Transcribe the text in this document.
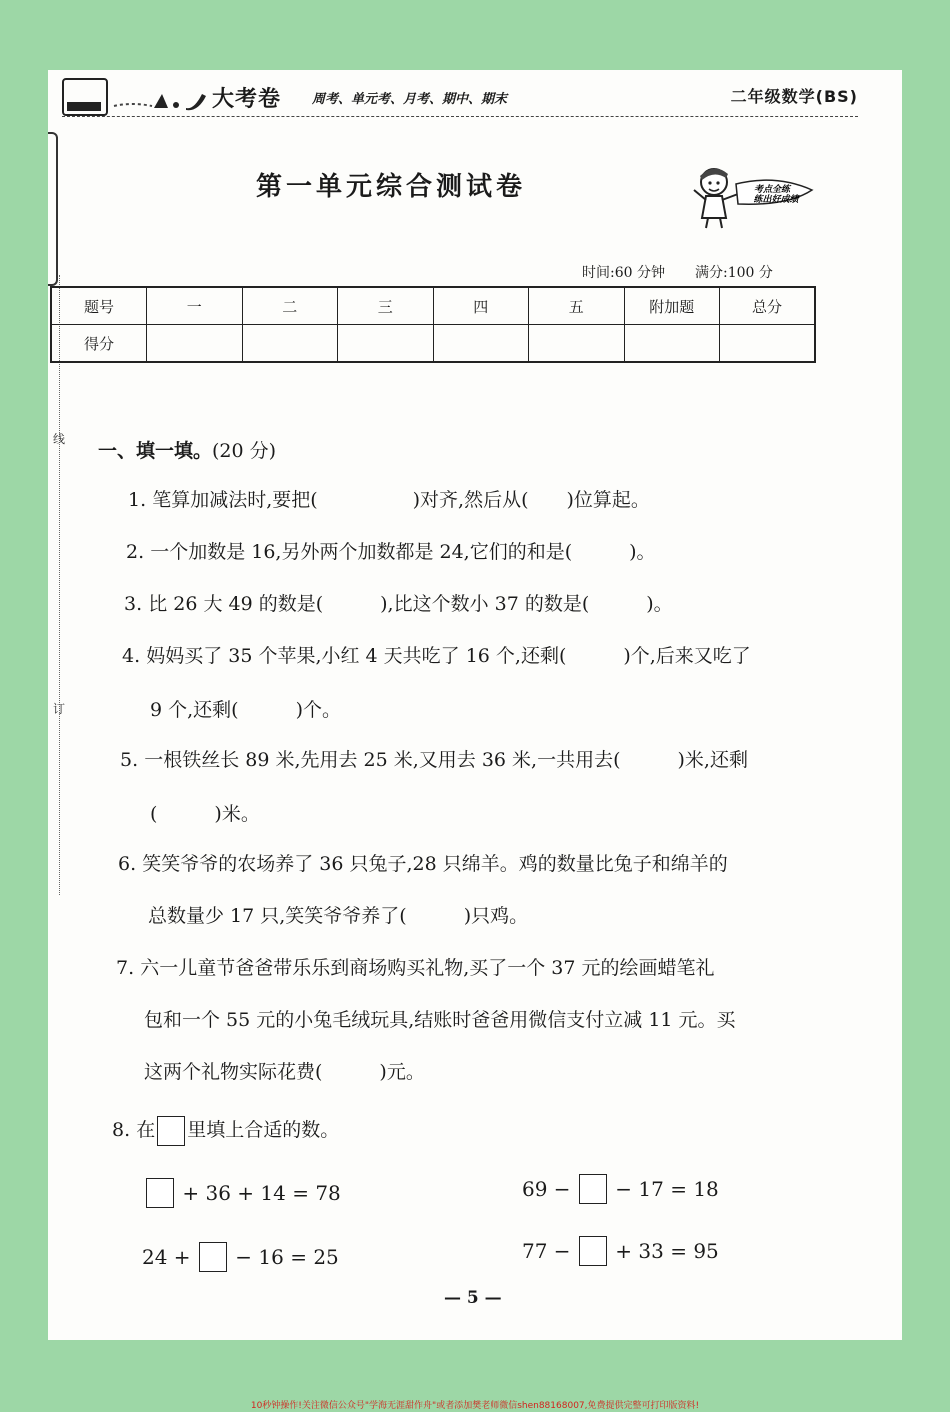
线
订
大考卷 周考、单元考、月考、期中、期末	二年级数学(BS)
第一单元综合测试卷	考点全练
练出好成绩
时间:60 分钟 满分:100 分
题号	一	二	三	四	五	附加题	总分
得分							
一、填一填。(20 分)
1. 笔算加减法时,要把(　　　　　)对齐,然后从(　　)位算起。
2. 一个加数是 16,另外两个加数都是 24,它们的和是(　　　)。
3. 比 26 大 49 的数是(　　　),比这个数小 37 的数是(　　　)。
4. 妈妈买了 35 个苹果,小红 4 天共吃了 16 个,还剩(　　　)个,后来又吃了
9 个,还剩(　　　)个。
5. 一根铁丝长 89 米,先用去 25 米,又用去 36 米,一共用去(　　　)米,还剩
(　　　)米。
6. 笑笑爷爷的农场养了 36 只兔子,28 只绵羊。鸡的数量比兔子和绵羊的
总数量少 17 只,笑笑爷爷养了(　　　)只鸡。
7. 六一儿童节爸爸带乐乐到商场购买礼物,买了一个 37 元的绘画蜡笔礼
包和一个 55 元的小兔毛绒玩具,结账时爸爸用微信支付立减 11 元。买
这两个礼物实际花费(　　　)元。
8. 在 里填上合适的数。
+ 36 + 14 = 78	69 − − 17 = 18
24 + − 16 = 25	77 − + 33 = 95
— 5 —
10秒钟操作!关注微信公众号"学海无涯甜作舟"或者添加樊老师微信shen88168007,免费提供完整可打印版资料!
